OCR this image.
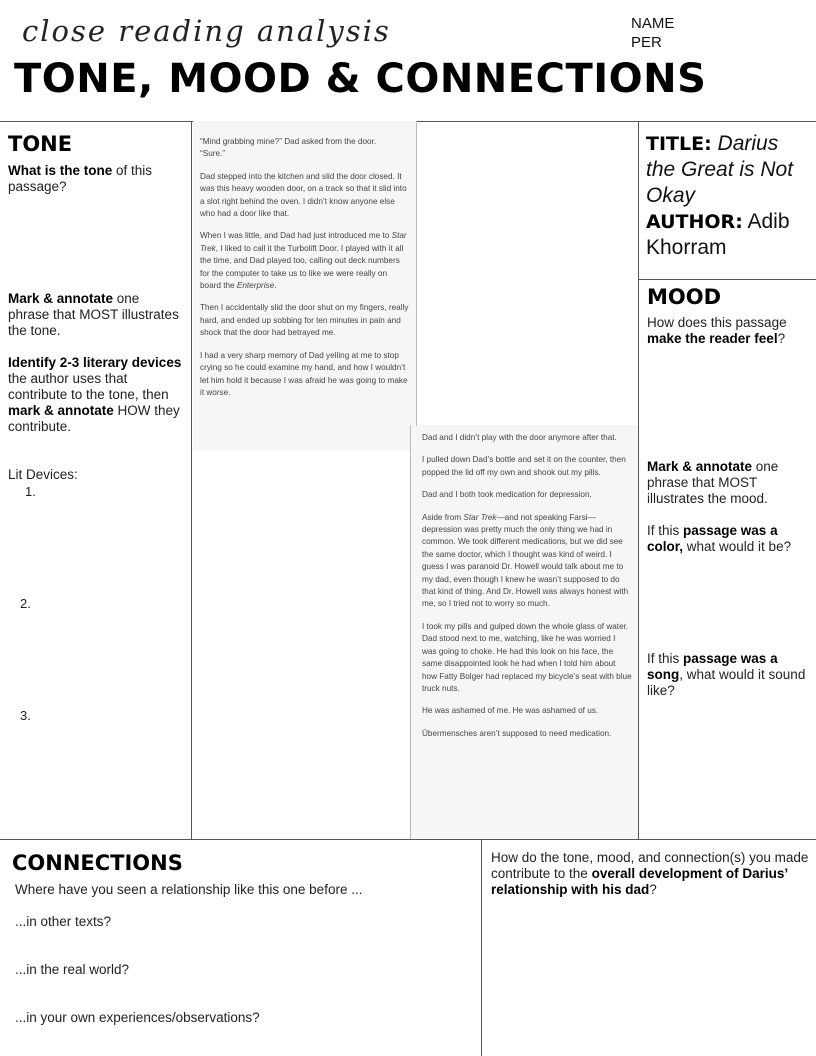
close reading analysis	NAME
PER
TONE, MOOD & CONNECTIONS
TONE
What is the tone of this passage?
Mark & annotate one phrase that MOST illustrates the tone.
Identify 2-3 literary devices the author uses that contribute to the tone, then mark & annotate HOW they contribute.
Lit Devices:
1.
2.
3.

“Mind grabbing mine?” Dad asked from the door.
“Sure.”

Dad stepped into the kitchen and slid the door closed. It was this heavy wooden door, on a track so that it slid into a slot right behind the oven. I didn’t know anyone else who had a door like that.

When I was little, and Dad had just introduced me to Star Trek, I liked to call it the Turbolift Door. I played with it all the time, and Dad played too, calling out deck numbers for the computer to take us to like we were really on board the Enterprise.

Then I accidentally slid the door shut on my fingers, really hard, and ended up sobbing for ten minutes in pain and shock that the door had betrayed me.

I had a very sharp memory of Dad yelling at me to stop crying so he could examine my hand, and how I wouldn’t let him hold it because I was afraid he was going to make it worse.

Dad and I didn’t play with the door anymore after that.

I pulled down Dad’s bottle and set it on the counter, then popped the lid off my own and shook out my pills.

Dad and I both took medication for depression.

Aside from Star Trek—and not speaking Farsi—depression was pretty much the only thing we had in common. We took different medications, but we did see the same doctor, which I thought was kind of weird. I guess I was paranoid Dr. Howell would talk about me to my dad, even though I knew he wasn’t supposed to do that kind of thing. And Dr. Howell was always honest with me, so I tried not to worry so much.

I took my pills and gulped down the whole glass of water. Dad stood next to me, watching, like he was worried I was going to choke. He had this look on his face, the same disappointed look he had when I told him about how Fatty Bolger had replaced my bicycle’s seat with blue truck nuts.

He was ashamed of me. He was ashamed of us.

Übermensches aren’t supposed to need medication.

TITLE: Darius the Great is Not Okay
AUTHOR: Adib Khorram
MOOD
How does this passage make the reader feel?
Mark & annotate one phrase that MOST illustrates the mood.
If this passage was a color, what would it be?
If this passage was a song, what would it sound like?
CONNECTIONS
Where have you seen a relationship like this one before ...
...in other texts?
...in the real world?
...in your own experiences/observations?
How do the tone, mood, and connection(s) you made contribute to the overall development of Darius’ relationship with his dad?
